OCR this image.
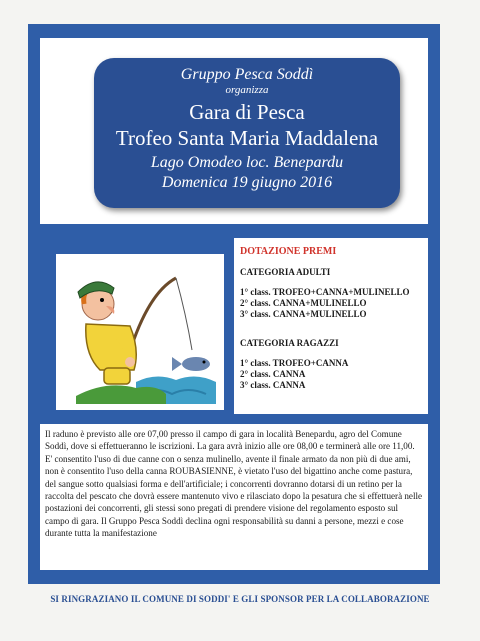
Gruppo Pesca Soddì
organizza
Gara di Pesca
Trofeo Santa Maria Maddalena
Lago Omodeo loc. Benepardu
Domenica 19 giugno 2016

DOTAZIONE PREMI

CATEGORIA ADULTI

1° class. TROFEO+CANNA+MULINELLO

2° class. CANNA+MULINELLO

3° class. CANNA+MULINELLO

CATEGORIA RAGAZZI

1° class. TROFEO+CANNA

2° class. CANNA

3° class. CANNA

Il raduno è previsto alle ore 07,00 presso il campo di gara in località Benepardu, agro del Comune Soddì, dove si effettueranno le iscrizioni. La gara avrà inizio alle ore 08,00 e terminerà alle ore 11,00. E' consentito l'uso di due canne con o senza mulinello, avente il finale armato da non più di due ami, non è consentito l'uso della canna ROUBASIENNE, è vietato l'uso del bigattino anche come pastura, del sangue sotto qualsiasi forma e dell'artificiale; i concorrenti dovranno dotarsi di un retino per la raccolta del pescato che dovrà essere mantenuto vivo e rilasciato dopo la pesatura che si effettuerà nelle postazioni dei concorrenti, gli stessi sono pregati di prendere visione del regolamento esposto sul campo di gara. Il Gruppo Pesca Soddì declina ogni responsabilità su danni a persone, mezzi e cose durante tutta la manifestazione
SI RINGRAZIANO IL COMUNE DI SODDI' E GLI SPONSOR PER LA COLLABORAZIONE
